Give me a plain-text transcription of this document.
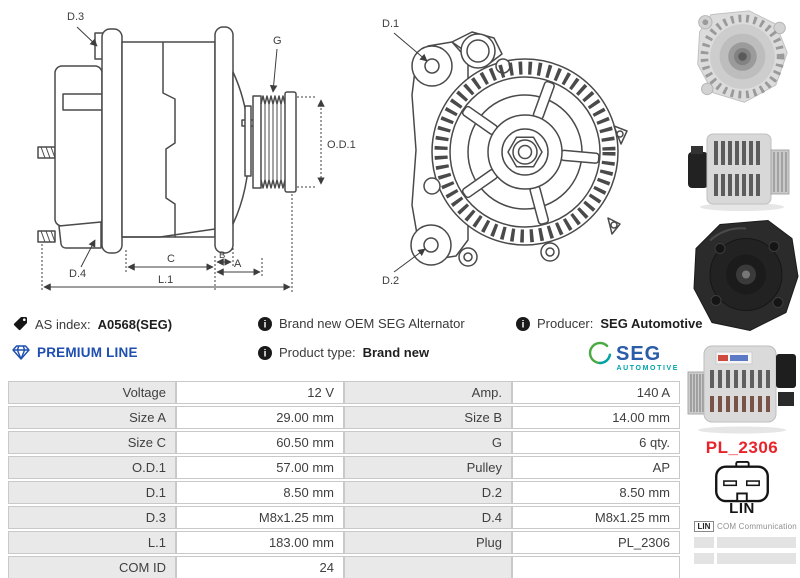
D.3
G
O.D.1
D.4
C	B
A
L.1
D.1
D.2
AS index: A0568(SEG)	i Brand new OEM SEG Alternator	i Producer: SEG Automotive
PREMIUM LINE	i Product type: Brand new	SEG
AUTOMOTIVE
Voltage	12 V	Amp.	140 A
Size A	29.00 mm	Size B	14.00 mm
Size C	60.50 mm	G	6 qty.
O.D.1	57.00 mm	Pulley	AP
D.1	8.50 mm	D.2	8.50 mm
D.3	M8x1.25 mm	D.4	M8x1.25 mm
L.1	183.00 mm	Plug	PL_2306
COM ID	24		
PL_2306
LIN
LIN COM Communication
